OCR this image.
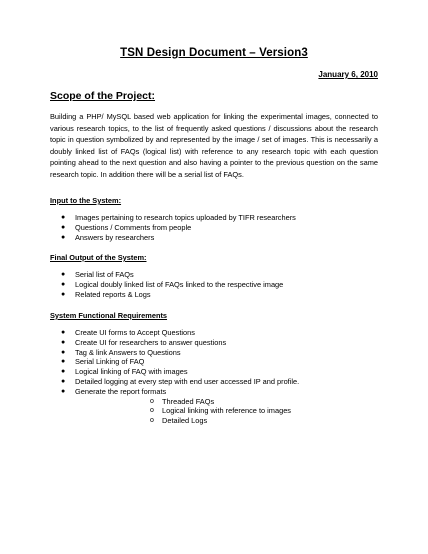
TSN Design Document – Version3
January 6, 2010
Scope of the Project:
Building a PHP/ MySQL based web application for linking the experimental images, connected to various research topics, to the list of frequently asked questions / discussions about the research topic in question symbolized by and represented by the image / set of images. This is necessarily a doubly linked list of FAQs (logical list) with reference to any research topic with each question pointing ahead to the next question and also having a pointer to the previous question on the same research topic. In addition there will be a serial list of FAQs.
Input to the System:
● Images pertaining to research topics uploaded by TIFR researchers
● Questions / Comments from people
● Answers by researchers
Final Output of the System:
● Serial list of FAQs
● Logical doubly linked list of FAQs linked to the respective image
● Related reports & Logs
System Functional Requirements
● Create UI forms to Accept Questions
● Create UI for researchers to answer questions
● Tag & link Answers to Questions
● Serial Linking of FAQ
● Logical linking of FAQ with images
● Detailed logging at every step with end user accessed IP and profile.
● Generate the report formats
o Threaded FAQs
o Logical linking with reference to images
o Detailed Logs
